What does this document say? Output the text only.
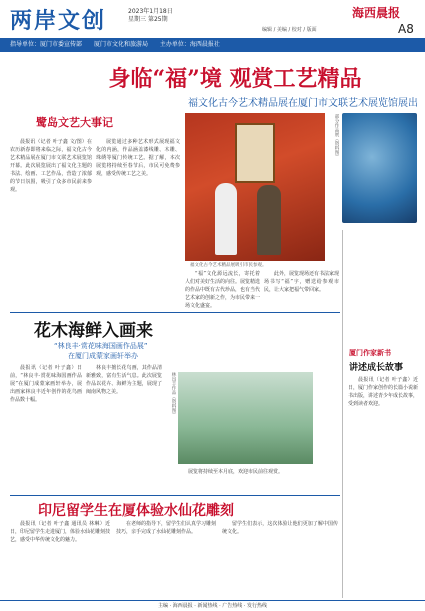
两岸文创	2023年1月18日
星期三 第25期	海西晨报
A8
编辑 / 美编 / 校对 / 版面
指导单位：厦门市委宣传部 厦门市文化和旅游局 主办单位：海西晨报社
身临“福”境 观赏工艺精品
福文化古今艺术精品展在厦门市文联艺术展览馆展出
鹭岛文艺大事记

晨报讯（记者 叶子鑫 文/图）在农历新春即将来临之际，福文化古今艺术精品展在厦门市文联艺术展览馆开幕。此次展览展出了福文化主题的书法、绘画、工艺作品，营造了浓郁的节日氛围，吸引了众多市民前来参观。

展览通过多种艺术形式展现福文化的内涵，作品涵盖漆线雕、木雕、珠绣等厦门传统工艺。据了解，本次展览将持续至春节后，市民可免费参观，感受传统工艺之美。

福文化古今艺术精品展吸引市民参观。
部分作品展（资料图）

“福”文化源远流长，寄托着人们对美好生活的向往。展览精选的作品中既有古代珍品，也有当代艺术家的创新之作，为市民带来一场文化盛宴。

此外，展览现场还有书法家现场书写“福”字，赠送给参观市民，让大家把福气带回家。

花木海鲜入画来
“林良丰·赏花味海国画作品展”
在厦门成蒙家画轩举办

晨报讯（记者 叶子鑫）日前，“林良丰·赏花味海国画作品展”在厦门成蒙家画轩举办，展出画家林良丰近年创作的花鸟画作品数十幅。

林良丰擅长花鸟画，其作品清新雅致，富有生活气息。此次展览作品以花卉、海鲜为主题，展现了闽南风物之美。	林良丰作品（资料图）

展览将持续至本月底，欢迎市民前往观赏。

印尼留学生在厦体验水仙花雕刻

晨报讯（记者 叶子鑫 通讯员 林琳）近日，印尼留学生走进厦门，体验水仙花雕刻技艺，感受中华传统文化的魅力。

在老师的指导下，留学生们认真学习雕刻技巧，亲手完成了水仙花雕刻作品。

留学生们表示，这次体验让他们更加了解中国传统文化。

厦门作家新书
讲述成长故事

晨报讯（记者 叶子鑫）近日，厦门作家创作的长篇小说新书出版，讲述青少年成长故事，受到读者欢迎。

主编 · 海西晨报 · 新闻热线 · 广告热线 · 发行热线
